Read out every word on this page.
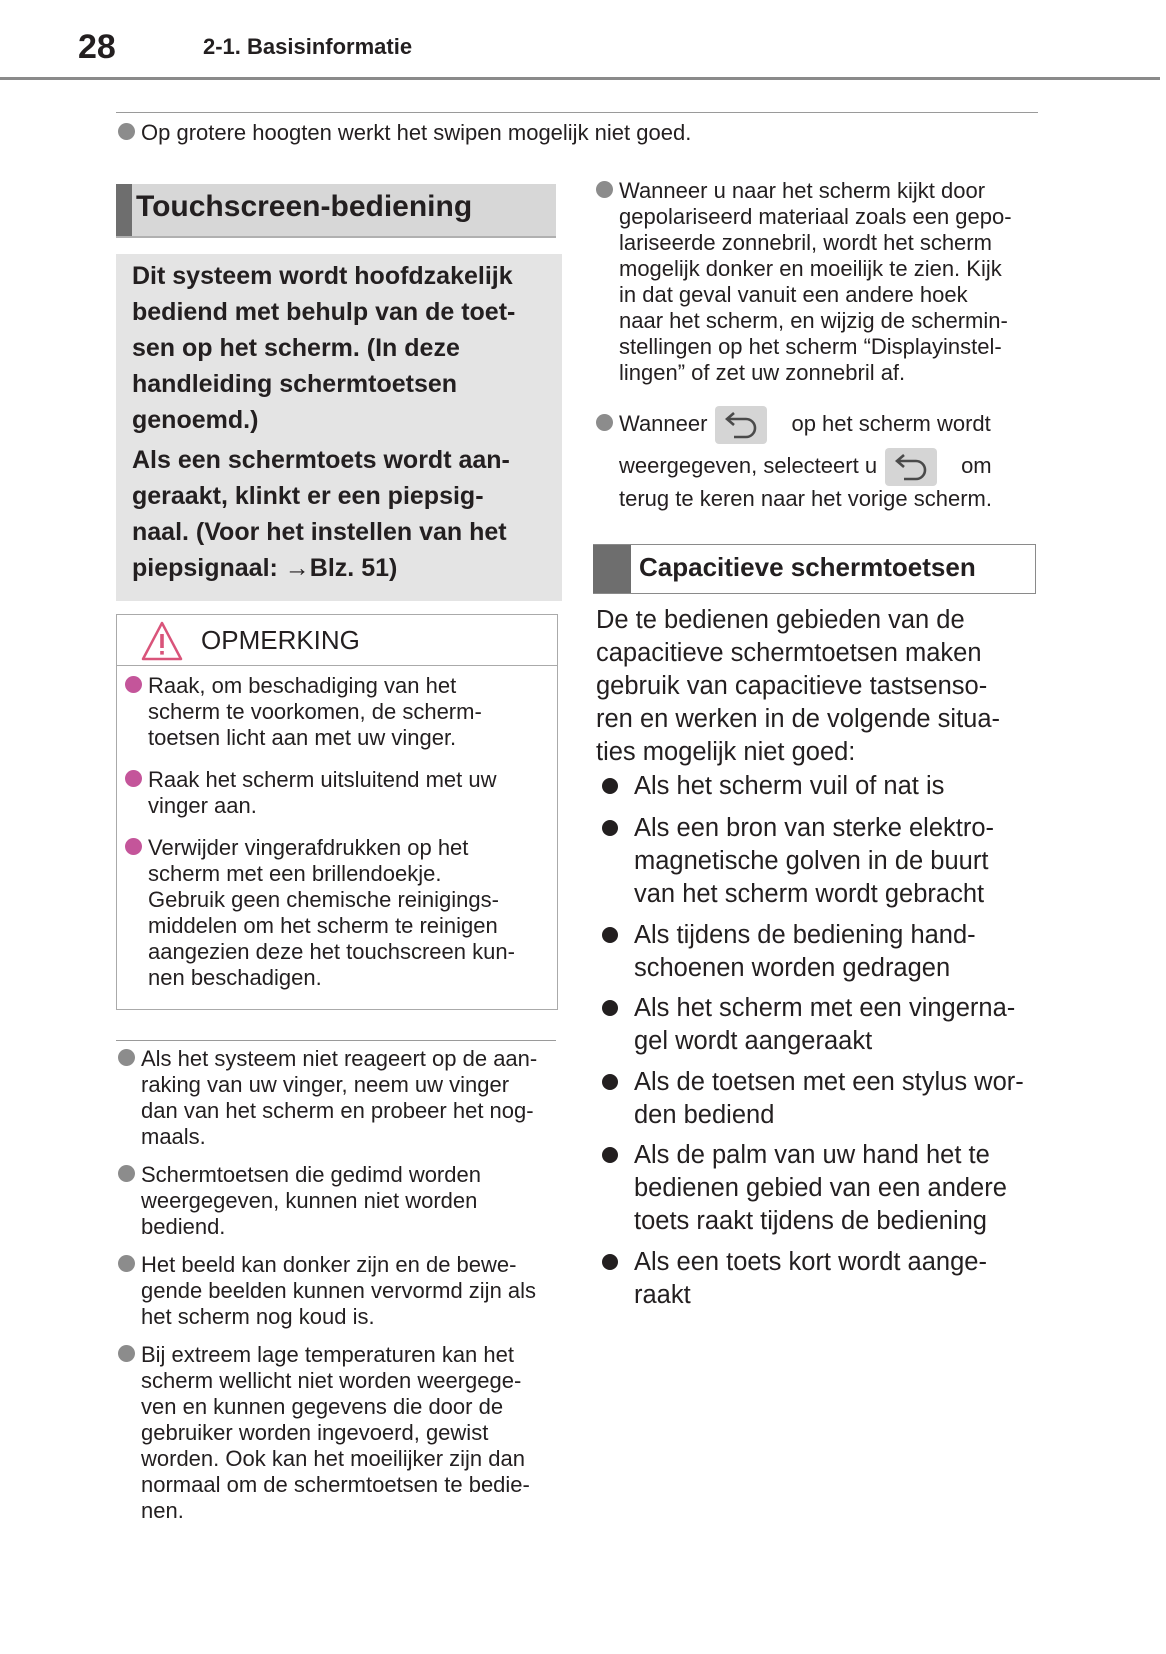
28	2-1. Basisinformatie
Op grotere hoogten werkt het swipen mogelijk niet goed.
Touchscreen-bediening
Dit systeem wordt hoofdzakelijk
bediend met behulp van de toet-
sen op het scherm. (In deze
handleiding schermtoetsen
genoemd.)
Als een schermtoets wordt aan-
geraakt, klinkt er een piepsig-
naal. (Voor het instellen van het
piepsignaal: →Blz. 51)
OPMERKING
Raak, om beschadiging van het
scherm te voorkomen, de scherm-
toetsen licht aan met uw vinger.
Raak het scherm uitsluitend met uw
vinger aan.
Verwijder vingerafdrukken op het
scherm met een brillendoekje.
Gebruik geen chemische reinigings-
middelen om het scherm te reinigen
aangezien deze het touchscreen kun-
nen beschadigen.
Als het systeem niet reageert op de aan-
raking van uw vinger, neem uw vinger
dan van het scherm en probeer het nog-
maals.
Schermtoetsen die gedimd worden
weergegeven, kunnen niet worden
bediend.
Het beeld kan donker zijn en de bewe-
gende beelden kunnen vervormd zijn als
het scherm nog koud is.
Bij extreem lage temperaturen kan het
scherm wellicht niet worden weergege-
ven en kunnen gegevens die door de
gebruiker worden ingevoerd, gewist
worden. Ook kan het moeilijker zijn dan
normaal om de schermtoetsen te bedie-
nen.
Wanneer u naar het scherm kijkt door
gepolariseerd materiaal zoals een gepo-
lariseerde zonnebril, wordt het scherm
mogelijk donker en moeilijk te zien. Kijk
in dat geval vanuit een andere hoek
naar het scherm, en wijzig de schermin-
stellingen op het scherm “Displayinstel-
lingen” of zet uw zonnebril af.
Wanneer	op het scherm wordt
weergegeven, selecteert u	om
terug te keren naar het vorige scherm.
Capacitieve schermtoetsen
De te bedienen gebieden van de
capacitieve schermtoetsen maken
gebruik van capacitieve tastsenso-
ren en werken in de volgende situa-
ties mogelijk niet goed:
Als het scherm vuil of nat is
Als een bron van sterke elektro-
magnetische golven in de buurt
van het scherm wordt gebracht
Als tijdens de bediening hand-
schoenen worden gedragen
Als het scherm met een vingerna-
gel wordt aangeraakt
Als de toetsen met een stylus wor-
den bediend
Als de palm van uw hand het te
bedienen gebied van een andere
toets raakt tijdens de bediening
Als een toets kort wordt aange-
raakt
